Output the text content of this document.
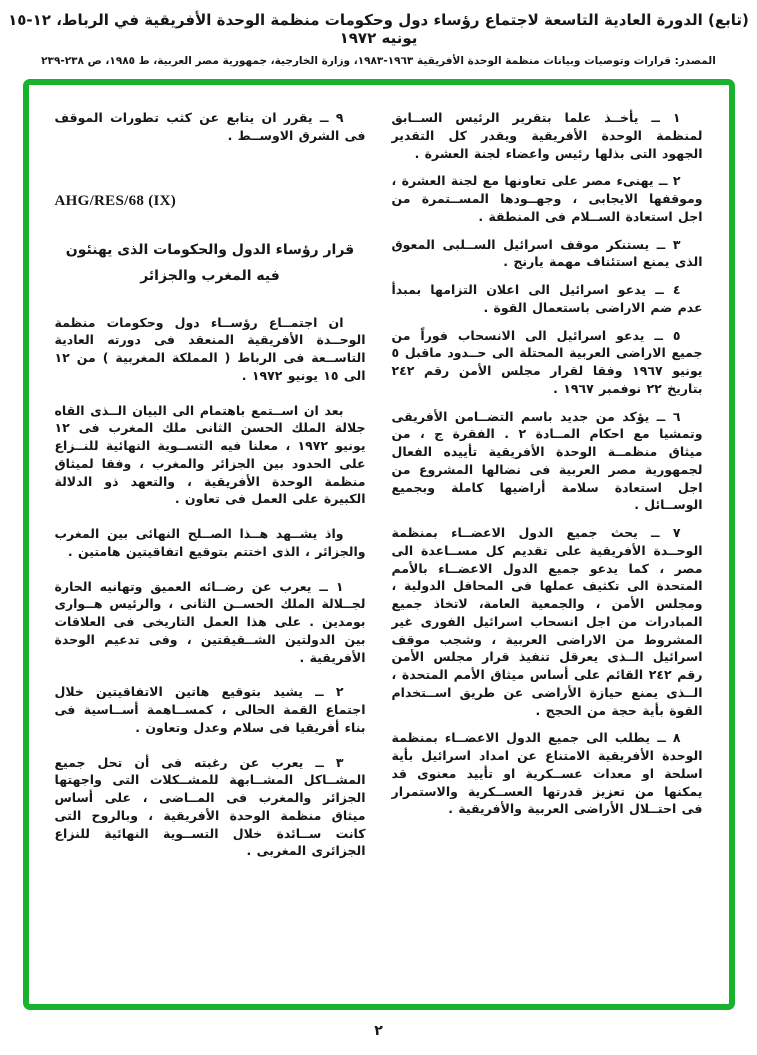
(تابع) الدورة العادية التاسعة لاجتماع رؤساء دول وحكومات منظمة الوحدة الأفريقية في الرباط، ١٢-١٥ يونيه ١٩٧٢
المصدر: قرارات وتوصيات وبيانات منظمة الوحدة الأفريقية ١٩٦٣-١٩٨٣، وزارة الخارجية، جمهورية مصر العربية، ط ١٩٨٥، ص ٢٣٨-٢٣٩

١ ــ يأخــذ علما بتقرير الرئيس الســابق لمنظمة الوحدة الأفريقية ويقدر كل التقدير الجهود التى بذلها رئيس واعضاء لجنة العشرة .

٢ ــ يهنىء مصر على تعاونها مع لجنة العشرة ، وموقفها الايجابى ، وجهــودها المســتمرة من اجل استعادة الســلام فى المنطقة .

٣ ــ يستنكر موقف اسرائيل الســلبى المعوق الذى يمنع استئناف مهمة يارنج .

٤ ــ يدعو اسرائيل الى اعلان التزامها بمبدأ عدم ضم الاراضى باستعمال القوة .

٥ ــ يدعو اسرائيل الى الانسحاب فوراً من جميع الاراضى العربية المحتلة الى حــدود ماقبل ٥ يونيو ١٩٦٧ وفقا لقرار مجلس الأمن رقم ٢٤٢ بتاريخ ٢٢ نوفمبر ١٩٦٧ .

٦ ــ يؤكد من جديد باسم التضــامن الأفريقى وتمشيا مع احكام المــادة ٢ . الفقرة ج ، من ميثاق منظمــة الوحدة الأفريقية تأييده الفعال لجمهورية مصر العربية فى نضالها المشروع من اجل استعادة سلامة أراضيها كاملة وبجميع الوســائل .

٧ ــ يحث جميع الدول الاعضــاء بمنظمة الوحــدة الأفريقية على تقديم كل مســاعدة الى مصر ، كما يدعو جميع الدول الاعضــاء بالأمم المتحدة الى تكثيف عملها فى المحافل الدولية ، ومجلس الأمن ، والجمعية العامة، لاتخاذ جميع المبادرات من اجل انسحاب اسرائيل الفورى غير المشروط من الاراضى العربية ، وشجب موقف اسرائيل الــذى يعرقل تنفيذ قرار مجلس الأمن رقم ٢٤٢ القائم على أساس ميثاق الأمم المتحدة ، الــذى يمنع حيازة الأراضى عن طريق اســتخدام القوة بأية حجة من الحجج .

٨ ــ يطلب الى جميع الدول الاعضــاء بمنظمة الوحدة الأفريقية الامتناع عن امداد اسرائيل بأية اسلحة او معدات عســكرية او تأييد معنوى قد يمكنها من تعزيز قدرتها العســكرية والاستمرار فى احتــلال الأراضى العربية والأفريقية .

٩ ــ يقرر ان يتابع عن كثب تطورات الموقف فى الشرق الاوســط .

AHG/RES/68 (IX)
قرار رؤساء الدول والحكومات الذى يهنئون
فيه المغرب والجزائر

ان اجتمــاع رؤســاء دول وحكومات منظمة الوحــدة الأفريقية المنعقد فى دورته العادية التاســعة فى الرباط ( المملكة المغربية ) من ١٢ الى ١٥ يونيو ١٩٧٢ .

بعد ان اســتمع باهتمام الى البيان الــذى القاه جلالة الملك الحسن الثانى ملك المغرب فى ١٢ يونيو ١٩٧٢ ، معلنا فيه التســوية النهائية للنــزاع على الحدود بين الجزائر والمغرب ، وفقا لميثاق منظمة الوحدة الأفريقية ، والتعهد ذو الدلالة الكبيرة على العمل فى تعاون .

واذ يشــهد هــذا الصــلح النهائى بين المغرب والجزائر ، الذى اختتم بتوقيع اتفاقيتين هامتين .

١ ــ يعرب عن رضــائه العميق وتهانيه الحارة لجــلالة الملك الحســن الثانى ، والرئيس هــوارى بومدين . على هذا العمل التاريخى فى العلاقات بين الدولتين الشــقيقتين ، وفى تدعيم الوحدة الأفريقية .

٢ ــ يشيد بتوقيع هاتين الاتفاقيتين خلال اجتماع القمة الحالى ، كمســاهمة أســاسية فى بناء أفريقيا فى سلام وعدل وتعاون .

٣ ــ يعرب عن رغبته فى أن تحل جميع المشــاكل المشــابهة للمشــكلات التى واجهتها الجزائر والمغرب فى المــاضى ، على أساس ميثاق منظمة الوحدة الأفريقية ، وبالروح التى كانت ســائدة خلال التســوية النهائية للنزاع الجزائرى المغربى .

٢
